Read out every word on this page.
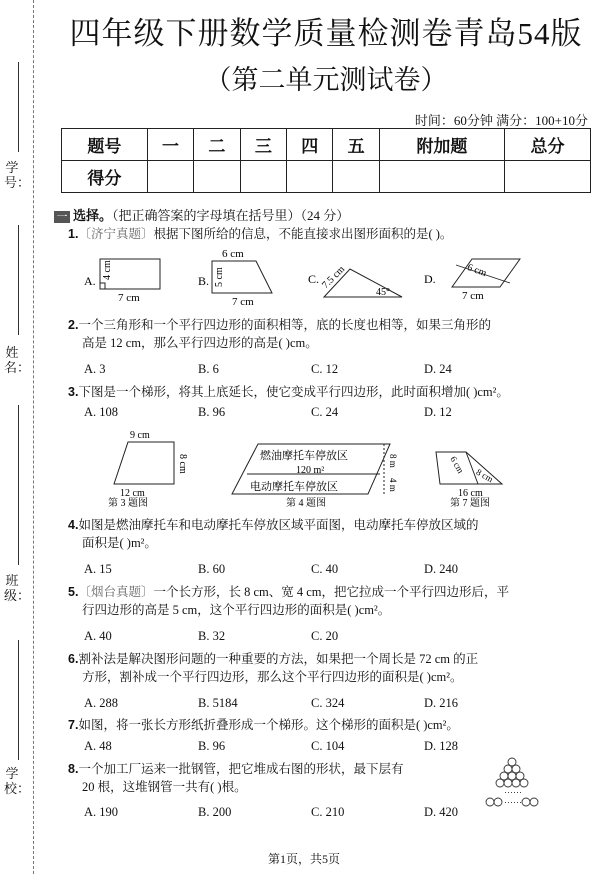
学号：
姓名：
班级：
学校：
四年级下册数学质量检测卷青岛54版
（第二单元测试卷）
时间：60分钟 满分：100+10分
题号	一	二	三	四	五	附加题	总分
得分							
一 选择。（把正确答案的字母填在括号里）（24 分）
1.〔济宁真题〕根据下图所给的信息，不能直接求出图形面积的是( )。
A.
4 cm
7 cm
B.
6 cm
5 cm
7 cm
C. 7.5 cm
45°
D.	6 cm
7 cm
2.一个三角形和一个平行四边形的面积相等，底的长度也相等，如果三角形的
高是 12 cm，那么平行四边形的高是( )cm。
A. 3	B. 6	C. 12	D. 24
3.下图是一个梯形，将其上底延长，使它变成平行四边形，此时面积增加( )cm²。
A. 108	B. 96	C. 24	D. 12
9 cm
8 cm
12 cm
第 3 题图
燃油摩托车停放区
120 m²
电动摩托车停放区
8 m
4 m
第 4 题图
6 cm
8 cm
16 cm
第 7 题图
4.如图是燃油摩托车和电动摩托车停放区域平面图，电动摩托车停放区域的
面积是( )m²。
A. 15	B. 60	C. 40	D. 240
5.〔烟台真题〕一个长方形，长 8 cm、宽 4 cm，把它拉成一个平行四边形后，平
行四边形的高是 5 cm，这个平行四边形的面积是( )cm²。
A. 40	B. 32	C. 20
6.割补法是解决图形问题的一种重要的方法，如果把一个周长是 72 cm 的正
方形，割补成一个平行四边形，那么这个平行四边形的面积是( )cm²。
A. 288	B. 5184	C. 324	D. 216
7.如图，将一张长方形纸折叠形成一个梯形。这个梯形的面积是( )cm²。
A. 48	B. 96	C. 104	D. 128
8.一个加工厂运来一批钢管，把它堆成右图的形状，最下层有
20 根，这堆钢管一共有( )根。
A. 190	B. 200	C. 210	D. 420
⋯⋯
⋯⋯
第1页，共5页
